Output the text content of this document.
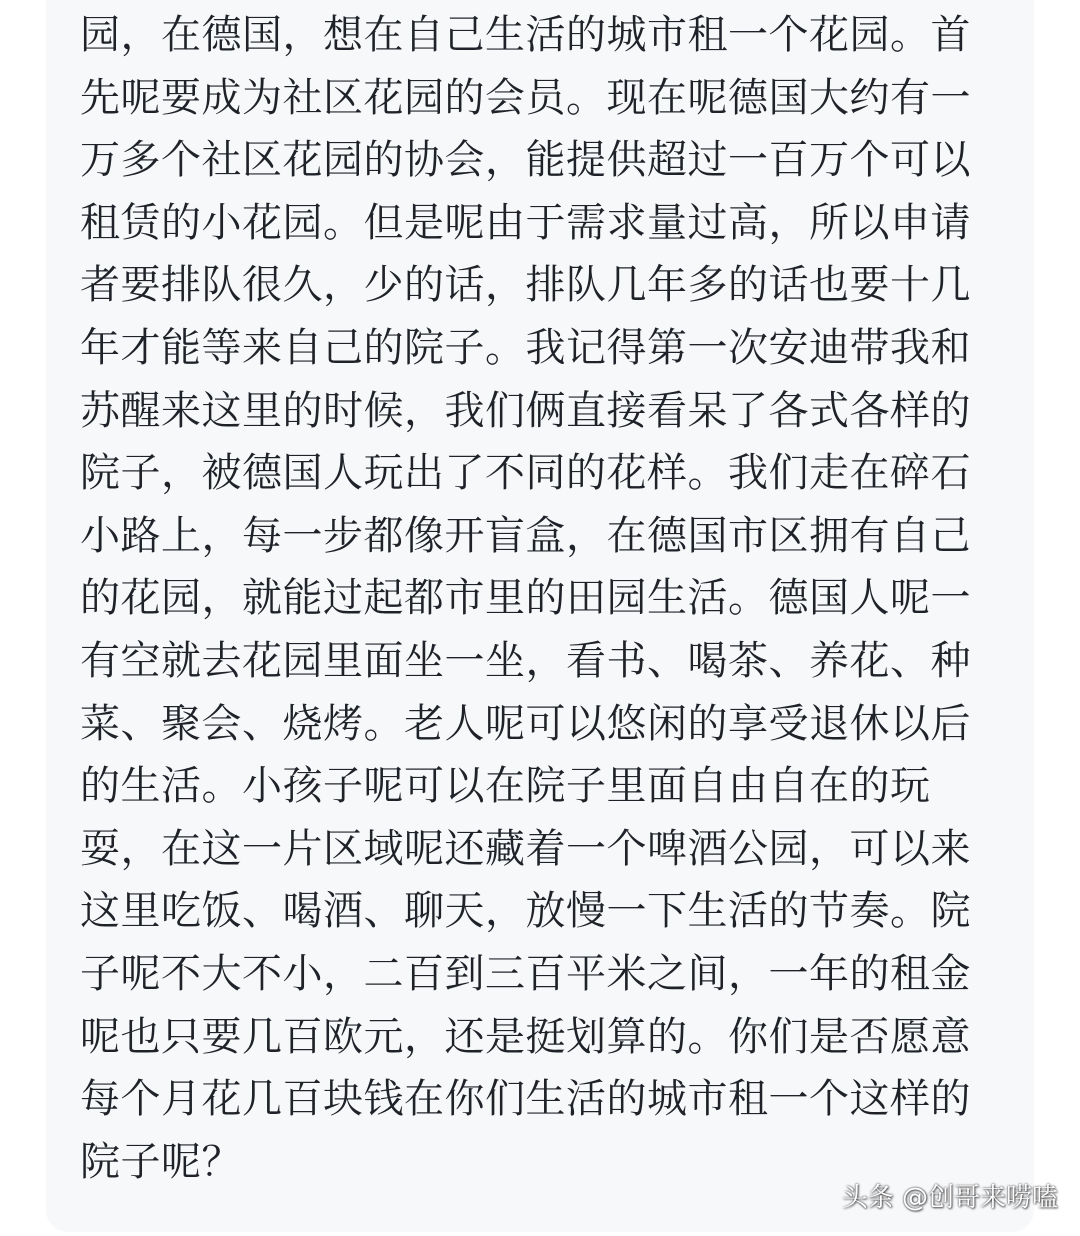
园，在德国，想在自己生活的城市租一个花园。首
先呢要成为社区花园的会员。现在呢德国大约有一
万多个社区花园的协会，能提供超过一百万个可以
租赁的小花园。但是呢由于需求量过高，所以申请
者要排队很久，少的话，排队几年多的话也要十几
年才能等来自己的院子。我记得第一次安迪带我和
苏醒来这里的时候，我们俩直接看呆了各式各样的
院子，被德国人玩出了不同的花样。我们走在碎石
小路上，每一步都像开盲盒，在德国市区拥有自己
的花园，就能过起都市里的田园生活。德国人呢一
有空就去花园里面坐一坐，看书、喝茶、养花、种
菜、聚会、烧烤。老人呢可以悠闲的享受退休以后
的生活。小孩子呢可以在院子里面自由自在的玩
耍，在这一片区域呢还藏着一个啤酒公园，可以来
这里吃饭、喝酒、聊天，放慢一下生活的节奏。院
子呢不大不小，二百到三百平米之间，一年的租金
呢也只要几百欧元，还是挺划算的。你们是否愿意
每个月花几百块钱在你们生活的城市租一个这样的
院子呢？
头条 @创哥来唠嗑
